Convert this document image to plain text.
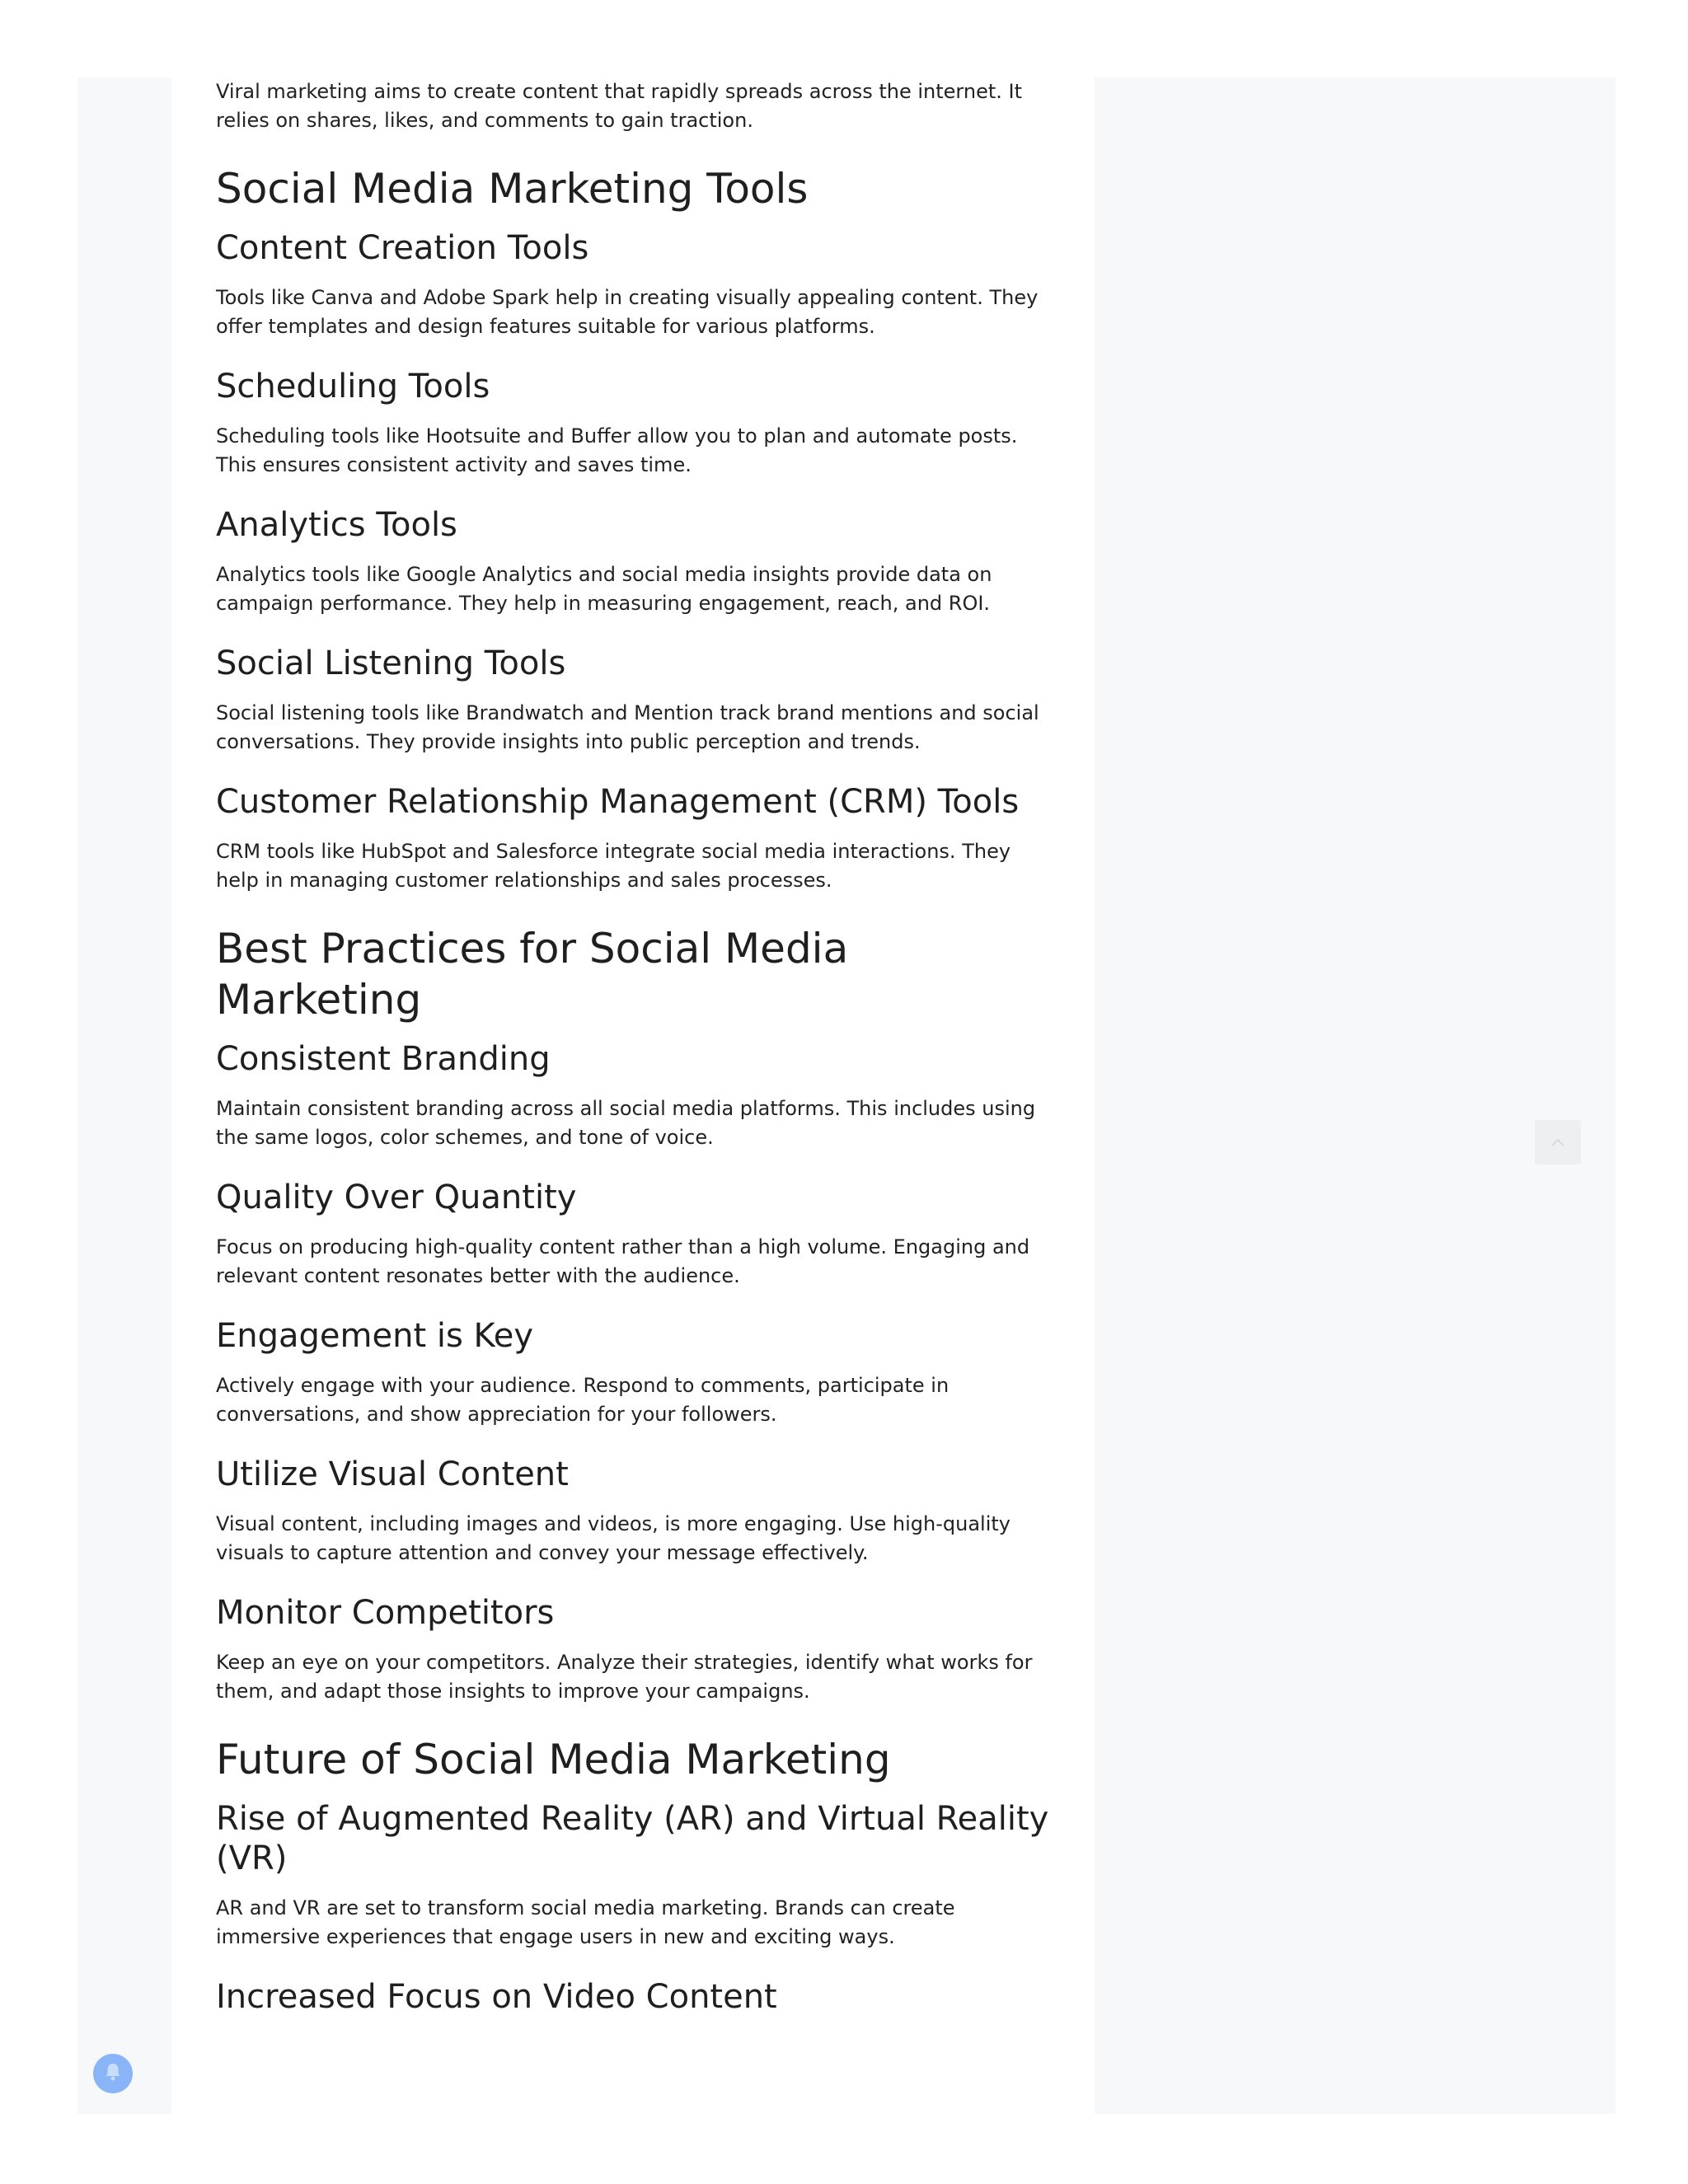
Viral marketing aims to create content that rapidly spreads across the internet. It relies on shares, likes, and comments to gain traction.

Social Media Marketing Tools
Content Creation Tools

Tools like Canva and Adobe Spark help in creating visually appealing content. They offer templates and design features suitable for various platforms.

Scheduling Tools

Scheduling tools like Hootsuite and Buffer allow you to plan and automate posts. This ensures consistent activity and saves time.

Analytics Tools

Analytics tools like Google Analytics and social media insights provide data on campaign performance. They help in measuring engagement, reach, and ROI.

Social Listening Tools

Social listening tools like Brandwatch and Mention track brand mentions and social conversations. They provide insights into public perception and trends.

Customer Relationship Management (CRM) Tools

CRM tools like HubSpot and Salesforce integrate social media interactions. They help in managing customer relationships and sales processes.

Best Practices for Social Media Marketing
Consistent Branding

Maintain consistent branding across all social media platforms. This includes using the same logos, color schemes, and tone of voice.

Quality Over Quantity

Focus on producing high-quality content rather than a high volume. Engaging and relevant content resonates better with the audience.

Engagement is Key

Actively engage with your audience. Respond to comments, participate in conversations, and show appreciation for your followers.

Utilize Visual Content

Visual content, including images and videos, is more engaging. Use high-quality visuals to capture attention and convey your message effectively.

Monitor Competitors

Keep an eye on your competitors. Analyze their strategies, identify what works for them, and adapt those insights to improve your campaigns.

Future of Social Media Marketing
Rise of Augmented Reality (AR) and Virtual Reality (VR)

AR and VR are set to transform social media marketing. Brands can create immersive experiences that engage users in new and exciting ways.

Increased Focus on Video Content
